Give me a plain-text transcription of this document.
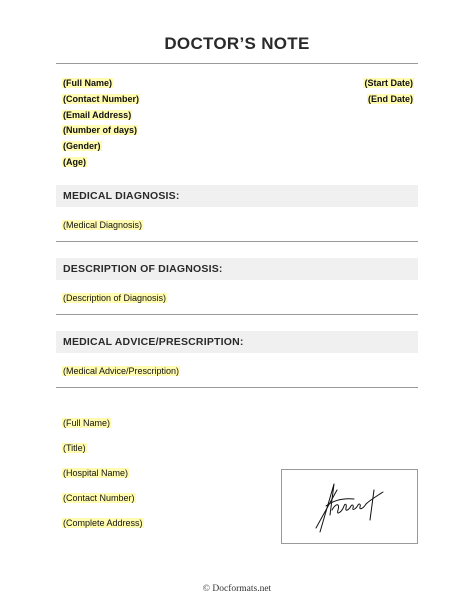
DOCTOR’S NOTE
(Full Name)
(Contact Number)
(Email Address)
(Number of days)
(Gender)
(Age)
(Start Date)
(End Date)
MEDICAL DIAGNOSIS:
(Medical Diagnosis)
DESCRIPTION OF DIAGNOSIS:
(Description of Diagnosis)
MEDICAL ADVICE/PRESCRIPTION:
(Medical Advice/Prescription)
(Full Name)
(Title)
(Hospital Name)
(Contact Number)
(Complete Address)
© Docformats.net
